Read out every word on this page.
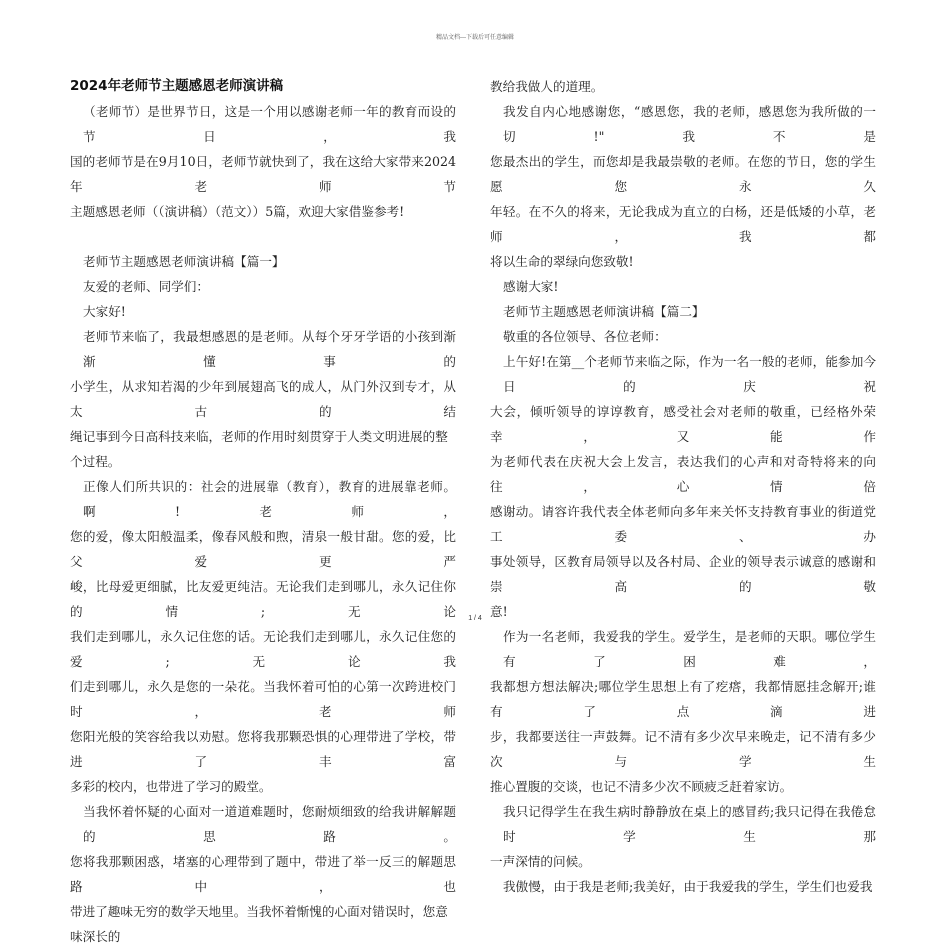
精品文档---下载后可任意编辑
2024年老师节主题感恩老师演讲稿
（老师节）是世界节日，这是一个用以感谢老师一年的教育而设的节日，我
国的老师节是在9月10日，老师节就快到了，我在这给大家带来2024年老师节
主题感恩老师（（演讲稿）（范文））5篇，欢迎大家借鉴参考!
老师节主题感恩老师演讲稿【篇一】
友爱的老师、同学们：
大家好!
老师节来临了，我最想感恩的是老师。从每个牙牙学语的小孩到渐渐懂事的
小学生，从求知若渴的少年到展翅高飞的成人，从门外汉到专才，从太古的结
绳记事到今日高科技来临，老师的作用时刻贯穿于人类文明进展的整个过程。
正像人们所共识的：社会的进展靠（教育），教育的进展靠老师。啊!老师，
您的爱，像太阳般温柔，像春风般和煦，清泉一般甘甜。您的爱，比父爱更严
峻，比母爱更细腻，比友爱更纯洁。无论我们走到哪儿，永久记住你的情;无论
我们走到哪儿，永久记住您的话。无论我们走到哪儿，永久记住您的爱;无论我
们走到哪儿，永久是您的一朵花。当我怀着可怕的心第一次跨进校门时，老师
您阳光般的笑容给我以劝慰。您将我那颗恐惧的心理带进了学校，带进了丰富
多彩的校内，也带进了学习的殿堂。
当我怀着怀疑的心面对一道道难题时，您耐烦细致的给我讲解解题的思路。
您将我那颗困惑，堵塞的心理带到了题中，带进了举一反三的解题思路中，也
带进了趣味无穷的数学天地里。当我怀着惭愧的心面对错误时，您意味深长的
教给我做人的道理。
我发自内心地感谢您，“感恩您，我的老师，感恩您为我所做的一切!"我不是
您最杰出的学生，而您却是我最崇敬的老师。在您的节日，您的学生愿您永久
年轻。在不久的将来，无论我成为直立的白杨，还是低矮的小草，老师，我都
将以生命的翠绿向您致敬!
感谢大家!
老师节主题感恩老师演讲稿【篇二】
敬重的各位领导、各位老师：
上午好!在第__个老师节来临之际，作为一名一般的老师，能参加今日的庆祝
大会，倾听领导的谆谆教育，感受社会对老师的敬重，已经格外荣幸，又能作
为老师代表在庆祝大会上发言，表达我们的心声和对奇特将来的向往，心情倍
感谢动。请容许我代表全体老师向多年来关怀支持教育事业的街道党工委、办
事处领导，区教育局领导以及各村局、企业的领导表示诚意的感谢和崇高的敬
意!
作为一名老师，我爱我的学生。爱学生，是老师的天职。哪位学生有了困难，
我都想方想法解决;哪位学生思想上有了疙瘩，我都情愿挂念解开;谁有了点滴进
步，我都要送往一声鼓舞。记不清有多少次早来晚走，记不清有多少次与学生
推心置腹的交谈，也记不清多少次不顾疲乏赶着家访。
我只记得学生在我生病时静静放在桌上的感冒药;我只记得在我倦怠时学生那
一声深情的问候。
我傲慢，由于我是老师;我美好，由于我爱我的学生，学生们也爱我
1 / 4
